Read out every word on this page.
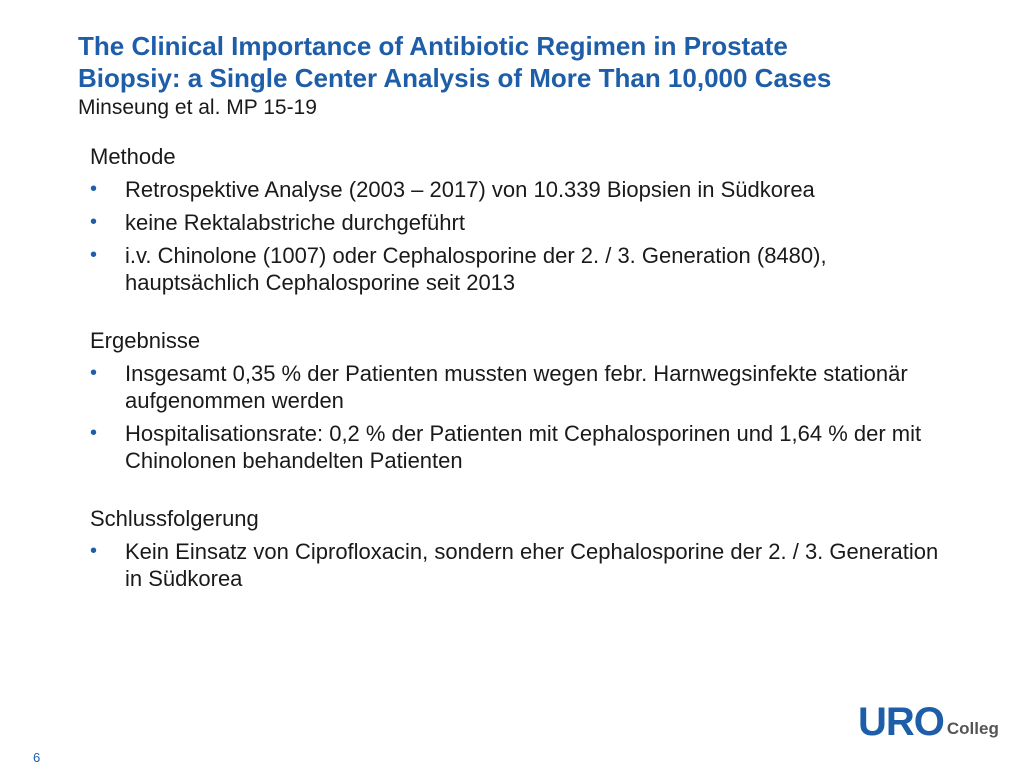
The Clinical Importance of Antibiotic Regimen in Prostate
Biopsiy: a Single Center Analysis of More Than 10,000 Cases

Minseung et al. MP 15-19

Methode
• Retrospektive Analyse (2003 – 2017) von 10.339 Biopsien in Südkorea
• keine Rektalabstriche durchgeführt
• i.v. Chinolone (1007) oder Cephalosporine der 2. / 3. Generation (8480), hauptsächlich Cephalosporine seit 2013
Ergebnisse
• Insgesamt 0,35 % der Patienten mussten wegen febr. Harnwegsinfekte stationär aufgenommen werden
• Hospitalisationsrate: 0,2 % der Patienten mit Cephalosporinen und 1,64 % der mit Chinolonen behandelten Patienten
Schlussfolgerung
• Kein Einsatz von Ciprofloxacin, sondern eher Cephalosporine der 2. / 3. Generation in Südkorea
6
URO Colleg
